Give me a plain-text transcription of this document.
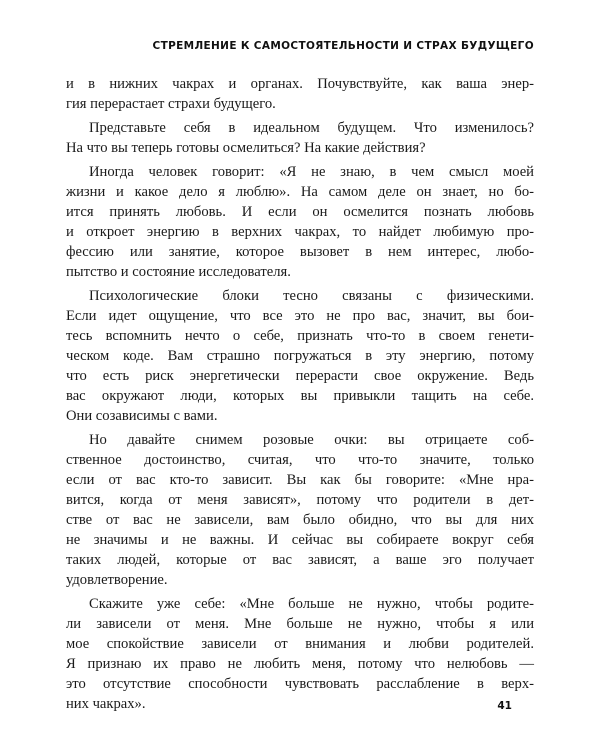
СТРЕМЛЕНИЕ К САМОСТОЯТЕЛЬНОСТИ И СТРАХ БУДУЩЕГО
и в нижних чакрах и органах. Почувствуйте, как ваша энер-
гия перерастает страхи будущего.
Представьте себя в идеальном будущем. Что изменилось?
На что вы теперь готовы осмелиться? На какие действия?
Иногда человек говорит: «Я не знаю, в чем смысл моей
жизни и какое дело я люблю». На самом деле он знает, но бо-
ится принять любовь. И если он осмелится познать любовь
и откроет энергию в верхних чакрах, то найдет любимую про-
фессию или занятие, которое вызовет в нем интерес, любо-
пытство и состояние исследователя.
Психологические блоки тесно связаны с физическими.
Если идет ощущение, что все это не про вас, значит, вы бои-
тесь вспомнить нечто о себе, признать что-то в своем генети-
ческом коде. Вам страшно погружаться в эту энергию, потому
что есть риск энергетически перерасти свое окружение. Ведь
вас окружают люди, которых вы привыкли тащить на себе.
Они созависимы с вами.
Но давайте снимем розовые очки: вы отрицаете соб-
ственное достоинство, считая, что что-то значите, только
если от вас кто-то зависит. Вы как бы говорите: «Мне нра-
вится, когда от меня зависят», потому что родители в дет-
стве от вас не зависели, вам было обидно, что вы для них
не значимы и не важны. И сейчас вы собираете вокруг себя
таких людей, которые от вас зависят, а ваше эго получает
удовлетворение.
Скажите уже себе: «Мне больше не нужно, чтобы родите-
ли зависели от меня. Мне больше не нужно, чтобы я или
мое спокойствие зависели от внимания и любви родителей.
Я признаю их право не любить меня, потому что нелюбовь —
это отсутствие способности чувствовать расслабление в верх-
них чакрах».	41
